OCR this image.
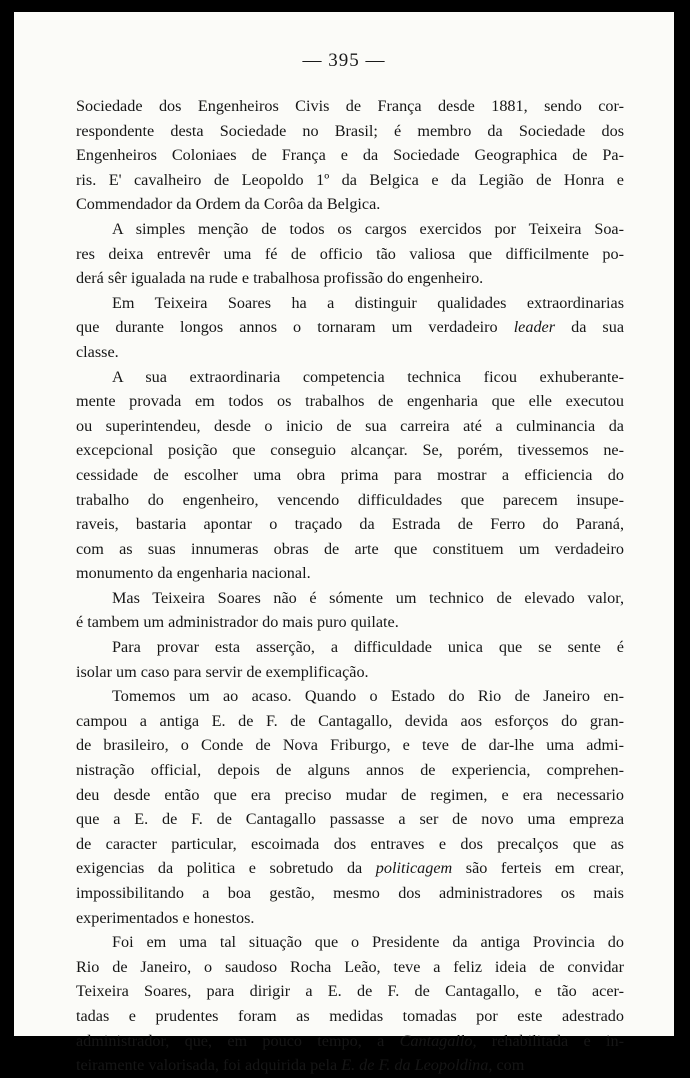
— 395 —
Sociedade dos Engenheiros Civis de França desde 1881, sendo cor-
respondente desta Sociedade no Brasil; é membro da Sociedade dos
Engenheiros Coloniaes de França e da Sociedade Geographica de Pa-
ris. E' cavalheiro de Leopoldo 1º da Belgica e da Legião de Honra e
Commendador da Ordem da Corôa da Belgica.
A simples menção de todos os cargos exercidos por Teixeira Soa-
res deixa entrevêr uma fé de officio tão valiosa que difficilmente po-
derá sêr igualada na rude e trabalhosa profissão do engenheiro.
Em Teixeira Soares ha a distinguir qualidades extraordinarias
que durante longos annos o tornaram um verdadeiro leader da sua
classe.
A sua extraordinaria competencia technica ficou exhuberante-
mente provada em todos os trabalhos de engenharia que elle executou
ou superintendeu, desde o inicio de sua carreira até a culminancia da
excepcional posição que conseguio alcançar. Se, porém, tivessemos ne-
cessidade de escolher uma obra prima para mostrar a efficiencia do
trabalho do engenheiro, vencendo difficuldades que parecem insupe-
raveis, bastaria apontar o traçado da Estrada de Ferro do Paraná,
com as suas innumeras obras de arte que constituem um verdadeiro
monumento da engenharia nacional.
Mas Teixeira Soares não é sómente um technico de elevado valor,
é tambem um administrador do mais puro quilate.
Para provar esta asserção, a difficuldade unica que se sente é
isolar um caso para servir de exemplificação.
Tomemos um ao acaso. Quando o Estado do Rio de Janeiro en-
campou a antiga E. de F. de Cantagallo, devida aos esforços do gran-
de brasileiro, o Conde de Nova Friburgo, e teve de dar-lhe uma admi-
nistração official, depois de alguns annos de experiencia, comprehen-
deu desde então que era preciso mudar de regimen, e era necessario
que a E. de F. de Cantagallo passasse a ser de novo uma empreza
de caracter particular, escoimada dos entraves e dos precalços que as
exigencias da politica e sobretudo da politicagem são ferteis em crear,
impossibilitando a boa gestão, mesmo dos administradores os mais
experimentados e honestos.
Foi em uma tal situação que o Presidente da antiga Provincia do
Rio de Janeiro, o saudoso Rocha Leão, teve a feliz ideia de convidar
Teixeira Soares, para dirigir a E. de F. de Cantagallo, e tão acer-
tadas e prudentes foram as medidas tomadas por este adestrado
administrador, que, em pouco tempo, a Cantagallo, rehabilitada e in-
teiramente valorisada, foi adquirida pela E. de F. da Leopoldina, com
